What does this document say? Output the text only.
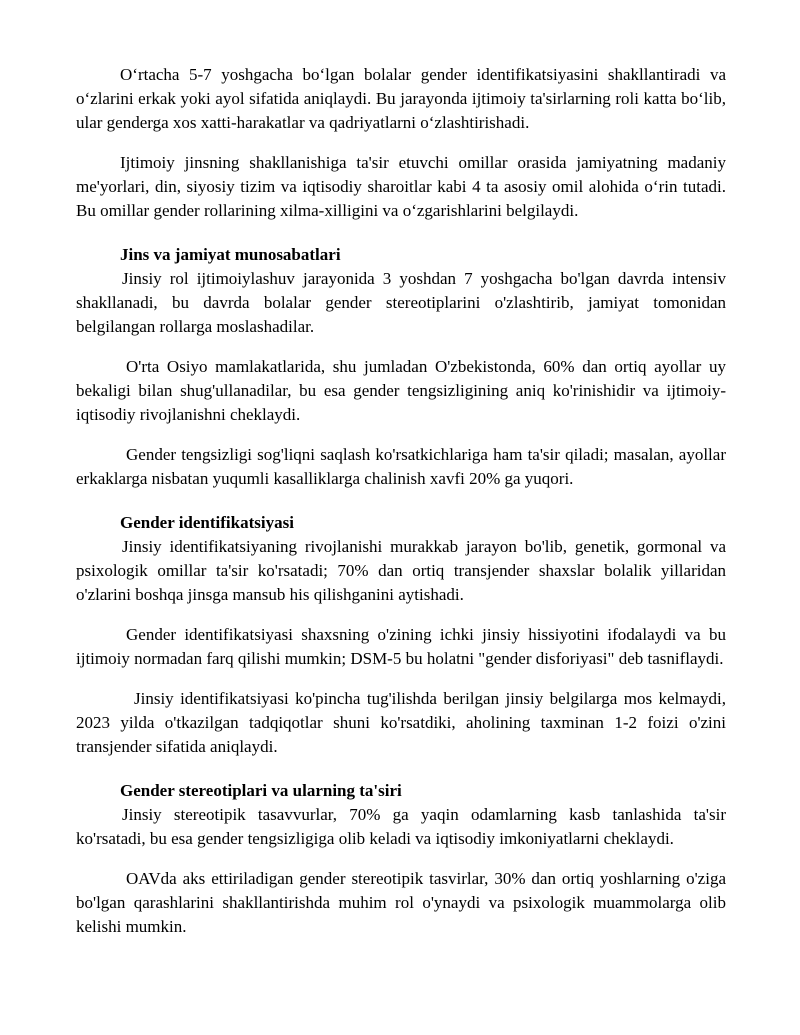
O‘rtacha 5-7 yoshgacha bo‘lgan bolalar gender identifikatsiyasini shakllantiradi va o‘zlarini erkak yoki ayol sifatida aniqlaydi. Bu jarayonda ijtimoiy ta'sirlarning roli katta bo‘lib, ular genderga xos xatti-harakatlar va qadriyatlarni o‘zlashtirishadi.

Ijtimoiy jinsning shakllanishiga ta'sir etuvchi omillar orasida jamiyatning madaniy me'yorlari, din, siyosiy tizim va iqtisodiy sharoitlar kabi 4 ta asosiy omil alohida o‘rin tutadi. Bu omillar gender rollarining xilma-xilligini va o‘zgarishlarini belgilaydi.

Jins va jamiyat munosabatlari

Jinsiy rol ijtimoiylashuv jarayonida 3 yoshdan 7 yoshgacha bo'lgan davrda intensiv shakllanadi, bu davrda bolalar gender stereotiplarini o'zlashtirib, jamiyat tomonidan belgilangan rollarga moslashadilar.

O'rta Osiyo mamlakatlarida, shu jumladan O'zbekistonda, 60% dan ortiq ayollar uy bekaligi bilan shug'ullanadilar, bu esa gender tengsizligining aniq ko'rinishidir va ijtimoiy-iqtisodiy rivojlanishni cheklaydi.

Gender tengsizligi sog'liqni saqlash ko'rsatkichlariga ham ta'sir qiladi; masalan, ayollar erkaklarga nisbatan yuqumli kasalliklarga chalinish xavfi 20% ga yuqori.

Gender identifikatsiyasi

Jinsiy identifikatsiyaning rivojlanishi murakkab jarayon bo'lib, genetik, gormonal va psixologik omillar ta'sir ko'rsatadi; 70% dan ortiq transjender shaxslar bolalik yillaridan o'zlarini boshqa jinsga mansub his qilishganini aytishadi.

Gender identifikatsiyasi shaxsning o'zining ichki jinsiy hissiyotini ifodalaydi va bu ijtimoiy normadan farq qilishi mumkin; DSM-5 bu holatni "gender disforiyasi" deb tasniflaydi.

Jinsiy identifikatsiyasi ko'pincha tug'ilishda berilgan jinsiy belgilarga mos kelmaydi, 2023 yilda o'tkazilgan tadqiqotlar shuni ko'rsatdiki, aholining taxminan 1-2 foizi o'zini transjender sifatida aniqlaydi.

Gender stereotiplari va ularning ta'siri

Jinsiy stereotipik tasavvurlar, 70% ga yaqin odamlarning kasb tanlashida ta'sir ko'rsatadi, bu esa gender tengsizligiga olib keladi va iqtisodiy imkoniyatlarni cheklaydi.

OAVda aks ettiriladigan gender stereotipik tasvirlar, 30% dan ortiq yoshlarning o'ziga bo'lgan qarashlarini shakllantirishda muhim rol o'ynaydi va psixologik muammolarga olib kelishi mumkin.
